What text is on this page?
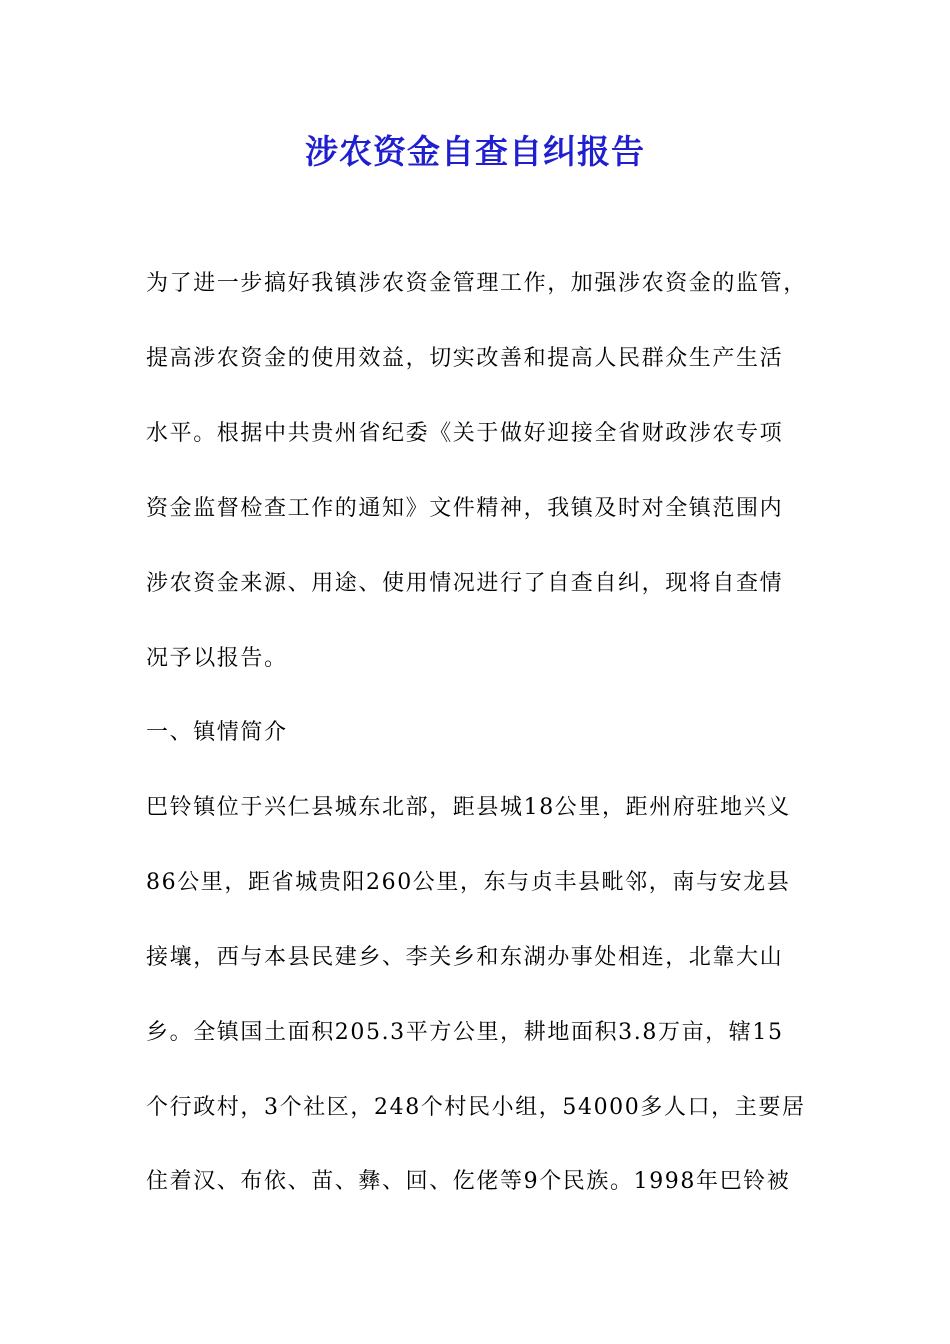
涉农资金自查自纠报告
为了进一步搞好我镇涉农资金管理工作，加强涉农资金的监管，
提高涉农资金的使用效益，切实改善和提高人民群众生产生活
水平。根据中共贵州省纪委《关于做好迎接全省财政涉农专项
资金监督检查工作的通知》文件精神，我镇及时对全镇范围内
涉农资金来源、用途、使用情况进行了自查自纠，现将自查情
况予以报告。
一、镇情简介
巴铃镇位于兴仁县城东北部，距县城18公里，距州府驻地兴义
86公里，距省城贵阳260公里，东与贞丰县毗邻，南与安龙县
接壤，西与本县民建乡、李关乡和东湖办事处相连，北靠大山
乡。全镇国土面积205.3平方公里，耕地面积3.8万亩，辖15
个行政村，3个社区，248个村民小组，54000多人口，主要居
住着汉、布依、苗、彝、回、仡佬等9个民族。1998年巴铃被
